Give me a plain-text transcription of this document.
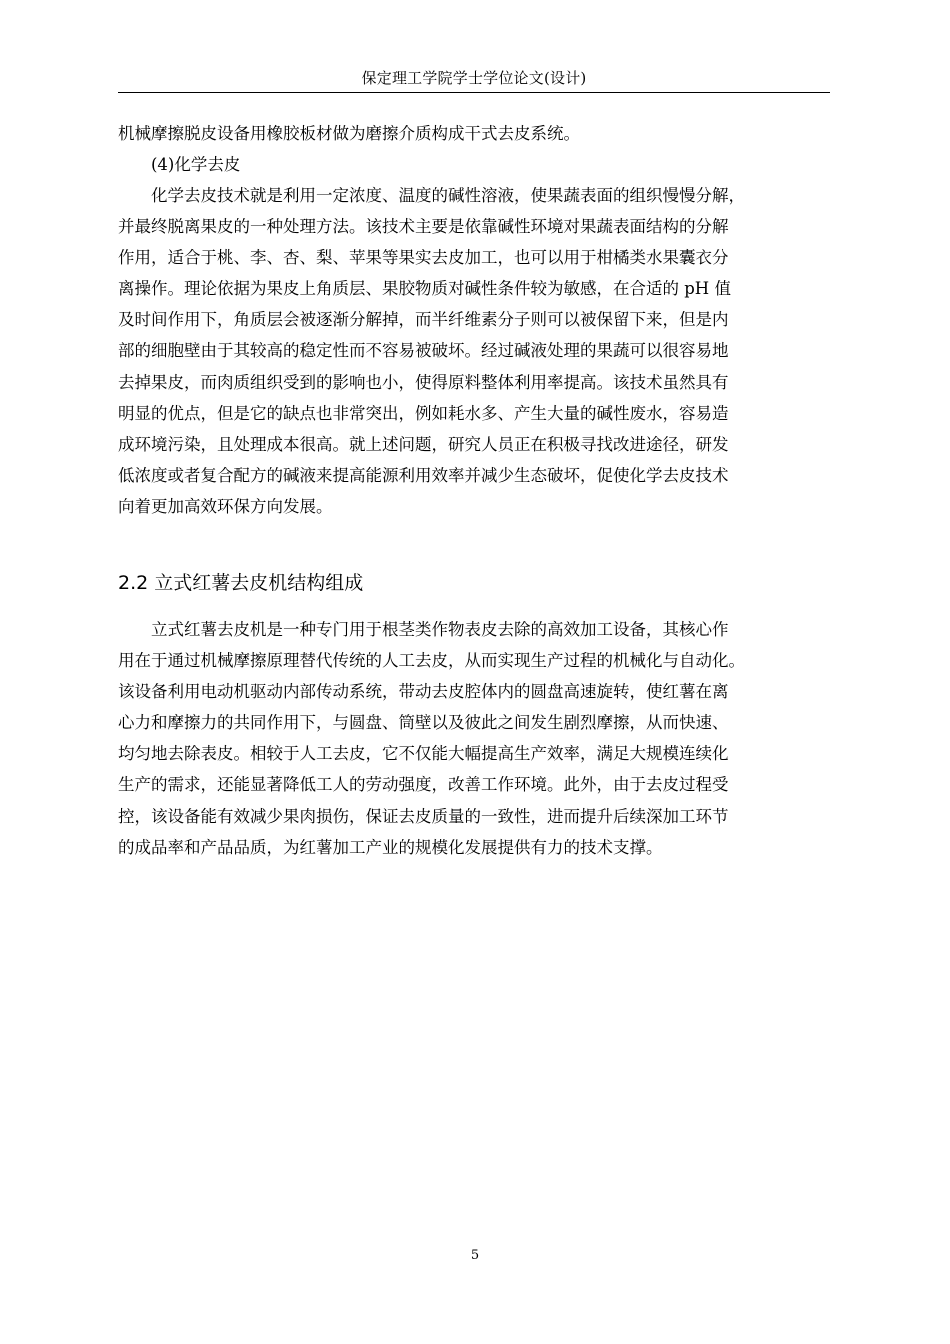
保定理工学院学士学位论文(设计)

机械摩擦脱皮设备用橡胶板材做为磨擦介质构成干式去皮系统。

(4)化学去皮

化学去皮技术就是利用一定浓度、温度的碱性溶液，使果蔬表面的组织慢慢分解，
并最终脱离果皮的一种处理方法。该技术主要是依靠碱性环境对果蔬表面结构的分解
作用，适合于桃、李、杏、梨、苹果等果实去皮加工，也可以用于柑橘类水果囊衣分
离操作。理论依据为果皮上角质层、果胶物质对碱性条件较为敏感，在合适的 pH 值
及时间作用下，角质层会被逐渐分解掉，而半纤维素分子则可以被保留下来，但是内
部的细胞壁由于其较高的稳定性而不容易被破坏。经过碱液处理的果蔬可以很容易地
去掉果皮，而肉质组织受到的影响也小，使得原料整体利用率提高。该技术虽然具有
明显的优点，但是它的缺点也非常突出，例如耗水多、产生大量的碱性废水，容易造
成环境污染，且处理成本很高。就上述问题，研究人员正在积极寻找改进途径，研发
低浓度或者复合配方的碱液来提高能源利用效率并减少生态破坏，促使化学去皮技术
向着更加高效环保方向发展。
2.2 立式红薯去皮机结构组成
立式红薯去皮机是一种专门用于根茎类作物表皮去除的高效加工设备，其核心作
用在于通过机械摩擦原理替代传统的人工去皮，从而实现生产过程的机械化与自动化。
该设备利用电动机驱动内部传动系统，带动去皮腔体内的圆盘高速旋转，使红薯在离
心力和摩擦力的共同作用下，与圆盘、筒壁以及彼此之间发生剧烈摩擦，从而快速、
均匀地去除表皮。相较于人工去皮，它不仅能大幅提高生产效率，满足大规模连续化
生产的需求，还能显著降低工人的劳动强度，改善工作环境。此外，由于去皮过程受
控，该设备能有效减少果肉损伤，保证去皮质量的一致性，进而提升后续深加工环节
的成品率和产品品质，为红薯加工产业的规模化发展提供有力的技术支撑。
5
